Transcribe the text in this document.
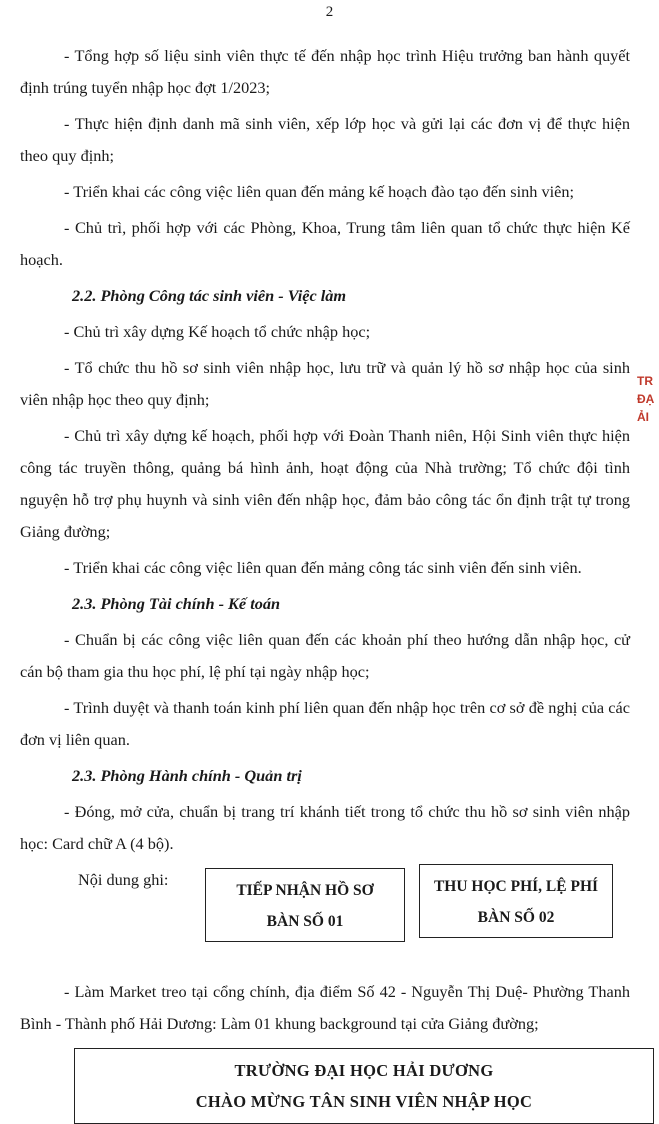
2

- Tổng hợp số liệu sinh viên thực tế đến nhập học trình Hiệu trưởng ban hành quyết định trúng tuyển nhập học đợt 1/2023;

- Thực hiện định danh mã sinh viên, xếp lớp học và gửi lại các đơn vị để thực hiện theo quy định;

- Triển khai các công việc liên quan đến mảng kế hoạch đào tạo đến sinh viên;

- Chủ trì, phối hợp với các Phòng, Khoa, Trung tâm liên quan tổ chức thực hiện Kế hoạch.

2.2. Phòng Công tác sinh viên - Việc làm

- Chủ trì xây dựng Kế hoạch tổ chức nhập học;

- Tổ chức thu hồ sơ sinh viên nhập học, lưu trữ và quản lý hồ sơ nhập học của sinh viên nhập học theo quy định;

- Chủ trì xây dựng kế hoạch, phối hợp với Đoàn Thanh niên, Hội Sinh viên thực hiện công tác truyền thông, quảng bá hình ảnh, hoạt động của Nhà trường; Tổ chức đội tình nguyện hỗ trợ phụ huynh và sinh viên đến nhập học, đảm bảo công tác ổn định trật tự trong Giảng đường;

- Triển khai các công việc liên quan đến mảng công tác sinh viên đến sinh viên.

2.3. Phòng Tài chính - Kế toán

- Chuẩn bị các công việc liên quan đến các khoản phí theo hướng dẫn nhập học, cử cán bộ tham gia thu học phí, lệ phí tại ngày nhập học;

- Trình duyệt và thanh toán kinh phí liên quan đến nhập học trên cơ sở đề nghị của các đơn vị liên quan.

2.3. Phòng Hành chính - Quản trị

- Đóng, mở cửa, chuẩn bị trang trí khánh tiết trong tổ chức thu hồ sơ sinh viên nhập học: Card chữ A (4 bộ).

Nội dung ghi:
TIẾP NHẬN HỒ SƠ
BÀN SỐ 01
THU HỌC PHÍ, LỆ PHÍ
BÀN SỐ 02

- Làm Market treo tại cổng chính, địa điểm Số 42 - Nguyễn Thị Duệ- Phường Thanh Bình - Thành phố Hải Dương: Làm 01 khung background tại cửa Giảng đường;

TRƯỜNG ĐẠI HỌC HẢI DƯƠNG
CHÀO MỪNG TÂN SINH VIÊN NHẬP HỌC
TR
ĐẠ
ẢI
